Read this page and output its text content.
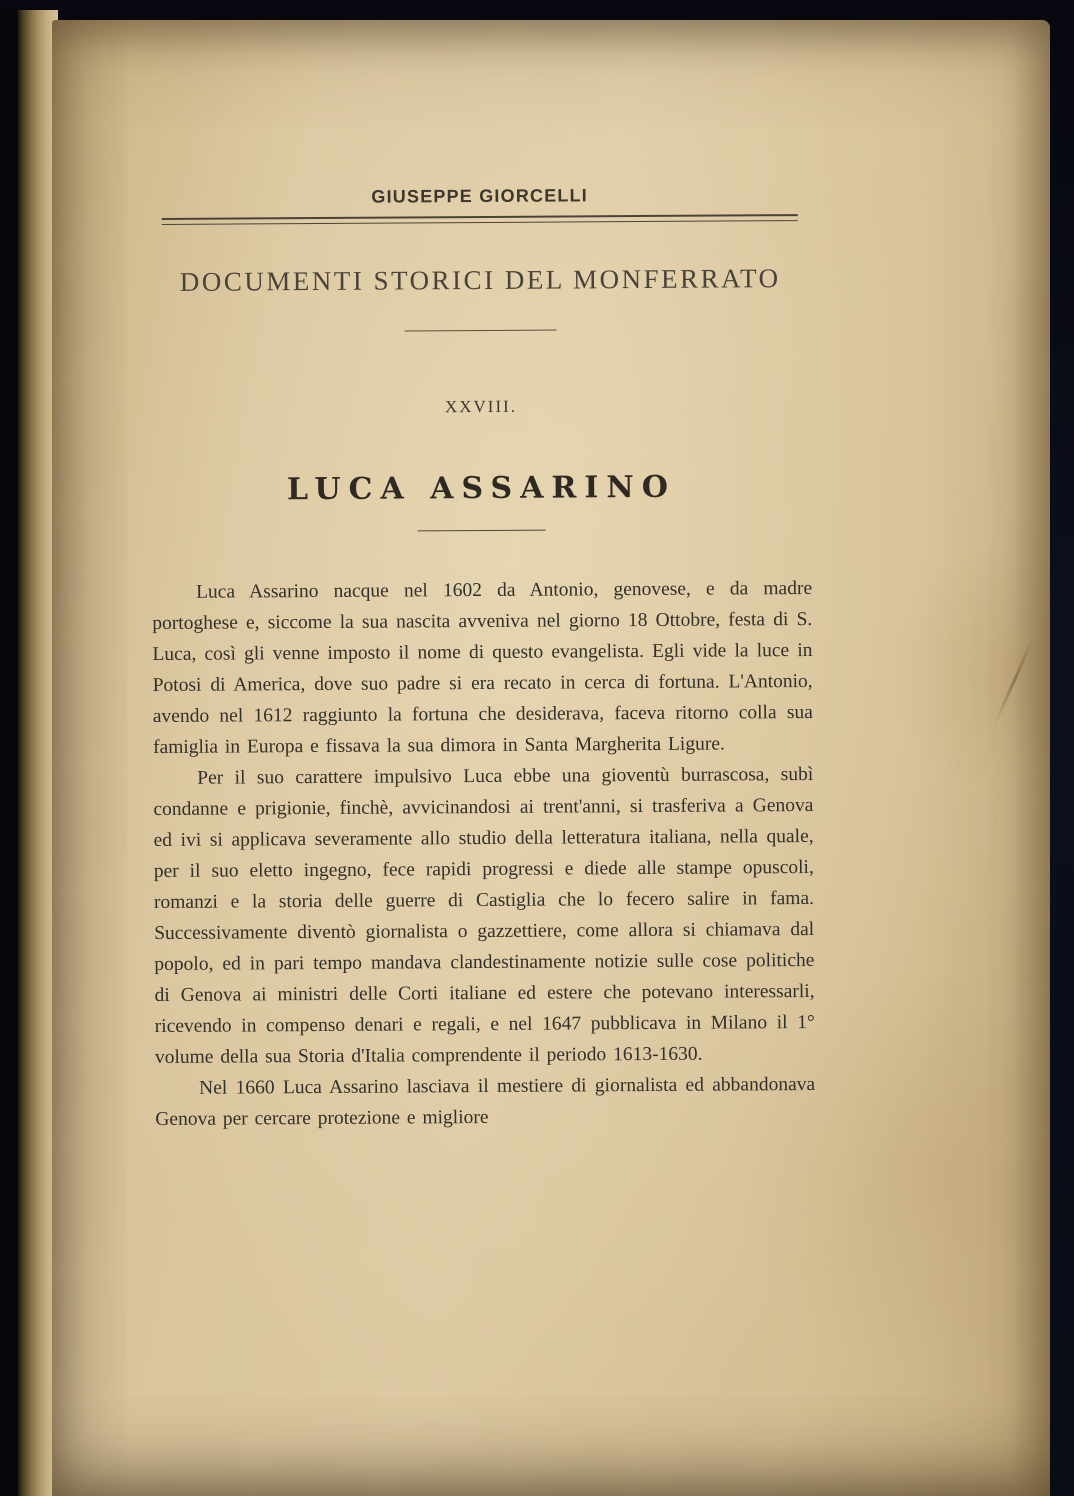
GIUSEPPE GIORCELLI
DOCUMENTI STORICI DEL MONFERRATO
XXVIII.
LUCA ASSARINO

Luca Assarino nacque nel 1602 da Antonio, genovese, e da madre portoghese e, siccome la sua nascita avveniva nel giorno 18 Ottobre, festa di S. Luca, così gli venne imposto il nome di questo evangelista. Egli vide la luce in Potosi di America, dove suo padre si era recato in cerca di fortuna. L'Antonio, avendo nel 1612 raggiunto la fortuna che desiderava, faceva ritorno colla sua famiglia in Europa e fissava la sua dimora in Santa Margherita Ligure.

Per il suo carattere impulsivo Luca ebbe una gioventù burrascosa, subì condanne e prigionie, finchè, avvicinandosi ai trent'anni, si trasferiva a Genova ed ivi si applicava severamente allo studio della letteratura italiana, nella quale, per il suo eletto ingegno, fece rapidi progressi e diede alle stampe opuscoli, romanzi e la storia delle guerre di Castiglia che lo fecero salire in fama. Successivamente diventò giornalista o gazzettiere, come allora si chiamava dal popolo, ed in pari tempo mandava clandestinamente notizie sulle cose politiche di Genova ai ministri delle Corti italiane ed estere che potevano interessarli, ricevendo in compenso denari e regali, e nel 1647 pubblicava in Milano il 1° volume della sua Storia d'Italia comprendente il periodo 1613-1630.

Nel 1660 Luca Assarino lasciava il mestiere di giornalista ed abbandonava Genova per cercare protezione e migliore
